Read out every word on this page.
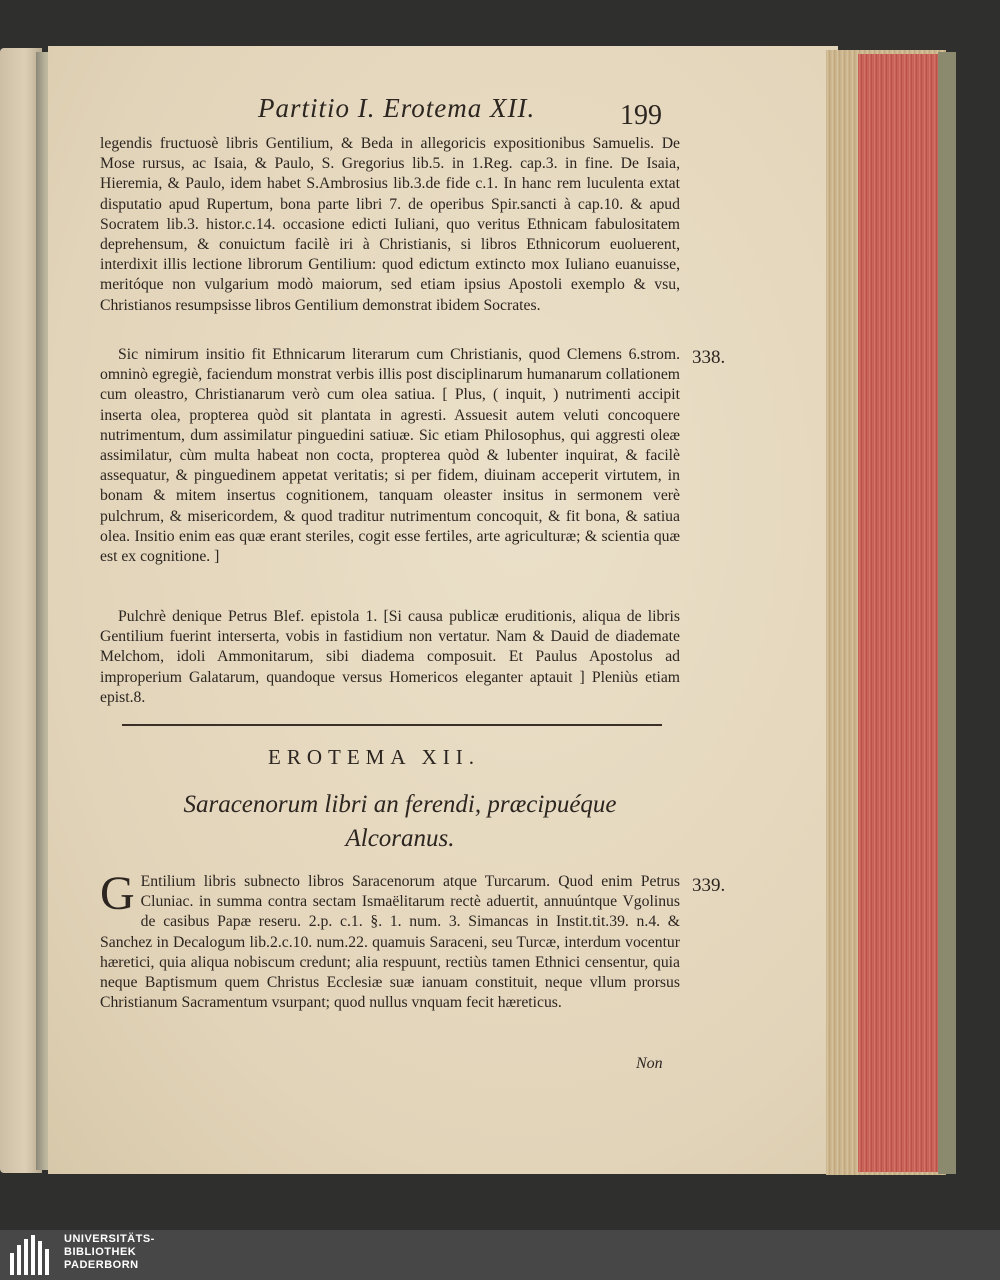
Partitio I. Erotema XII.	199

legendis fructuosè libris Gentilium, & Beda in allegoricis expositionibus Samuelis. De Mose rursus, ac Isaia, & Paulo, S. Gregorius lib.5. in 1.Reg. cap.3. in fine. De Isaia, Hieremia, & Paulo, idem habet S.Ambrosius lib.3.de fide c.1. In hanc rem luculenta extat disputatio apud Rupertum, bona parte libri 7. de operibus Spir.sancti à cap.10. & apud Socratem lib.3. histor.c.14. occasione edicti Iuliani, quo veritus Ethnicam fabulositatem deprehensum, & conuictum facilè iri à Christianis, si libros Ethnicorum euoluerent, interdixit illis lectione librorum Gentilium: quod edictum extincto mox Iuliano euanuisse, meritóque non vulgarium modò maiorum, sed etiam ipsius Apostoli exemplo & vsu, Christianos resumpsisse libros Gentilium demonstrat ibidem Socrates.

Sic nimirum insitio fit Ethnicarum literarum cum Christianis, quod Clemens 6.strom. omninò egregiè, faciendum monstrat verbis illis post disciplinarum humanarum collationem cum oleastro, Christianarum verò cum olea satiua. [ Plus, ( inquit, ) nutrimenti accipit inserta olea, propterea quòd sit plantata in agresti. Assuesit autem veluti concoquere nutrimentum, dum assimilatur pinguedini satiuæ. Sic etiam Philosophus, qui aggresti oleæ assimilatur, cùm multa habeat non cocta, propterea quòd & lubenter inquirat, & facilè assequatur, & pinguedinem appetat veritatis; si per fidem, diuinam acceperit virtutem, in bonam & mitem insertus cognitionem, tanquam oleaster insitus in sermonem verè pulchrum, & misericordem, & quod traditur nutrimentum concoquit, & fit bona, & satiua olea. Insitio enim eas quæ erant steriles, cogit esse fertiles, arte agriculturæ; & scientia quæ est ex cognitione. ]

Pulchrè denique Petrus Blef. epistola 1. [Si causa publicæ eruditionis, aliqua de libris Gentilium fuerint interserta, vobis in fastidium non vertatur. Nam & Dauid de diademate Melchom, idoli Ammonitarum, sibi diadema composuit. Et Paulus Apostolus ad improperium Galatarum, quandoque versus Homericos eleganter aptauit ] Pleniùs etiam epist.8.

EROTEMA XII.
Saracenorum libri an ferendi, præcipuéque Alcoranus.
G Entilium libris subnecto libros Saracenorum atque Turcarum. Quod enim Petrus Cluniac. in summa contra sectam Ismaëlitarum rectè aduertit, annuúntque Vgolinus de casibus Papæ reseru. 2.p. c.1. §. 1. num. 3. Simancas in Instit.tit.39. n.4. & Sanchez in Decalogum lib.2.c.10. num.22. quamuis Saraceni, seu Turcæ, interdum vocentur hæretici, quia aliqua nobiscum credunt; alia respuunt, rectiùs tamen Ethnici censentur, quia neque Baptismum quem Christus Ecclesiæ suæ ianuam constituit, neque vllum prorsus Christianum Sacramentum vsurpant; quod nullus vnquam fecit hæreticus.
338.
339.
Non
UNIVERSITÄTS-
BIBLIOTHEK
PADERBORN
